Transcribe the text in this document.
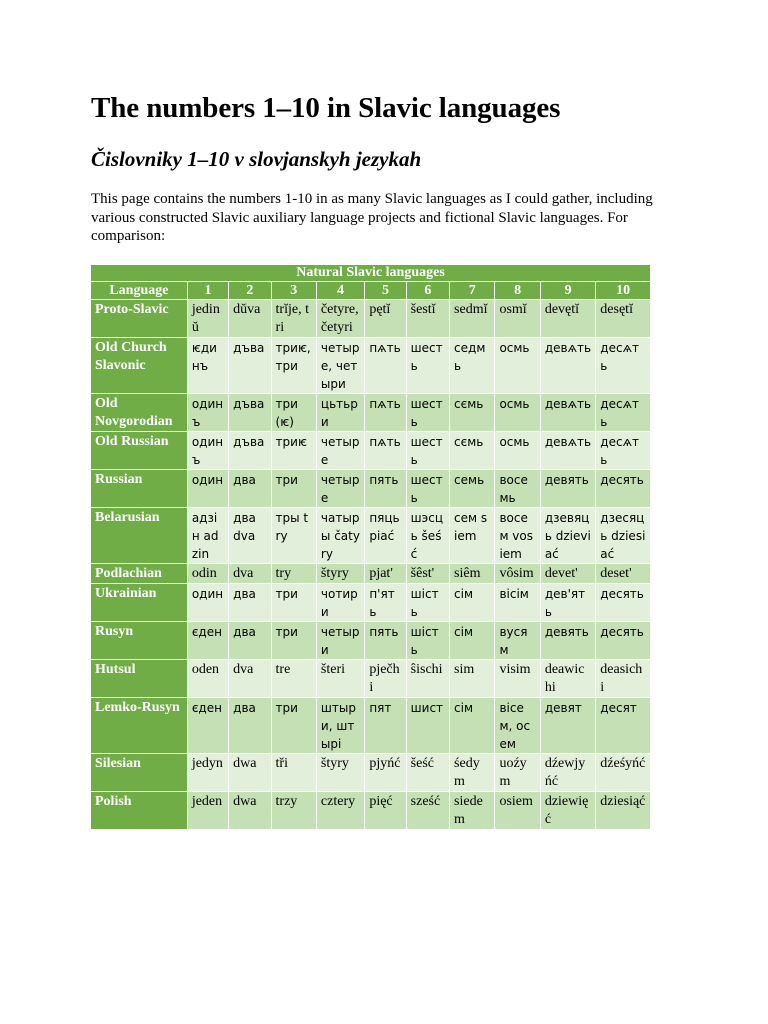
The numbers 1–10 in Slavic languages
Čislovniky 1–10 v slovjanskyh jezykah

This page contains the numbers 1-10 in as many Slavic languages as I could gather, including various constructed Slavic auxiliary language projects and fictional Slavic languages. For comparison:

Natural Slavic languages										
Language	1	2	3	4	5	6	7	8	9	10
Proto-Slavic	jedinŭ	dŭva	trĭje, tri	četyre, četyri	pętĭ	šestĭ	sedmĭ	osmĭ	devętĭ	desętĭ
Old Church Slavonic	ѥдинъ	дъва	триѥ, три	четыре, четыри	пѧть	шесть	седмь	осмь	девѧть	десѧть
Old Novgorodian	одинъ	дъва	три(ѥ)	цьтьри	пѧть	шесть	сємь	осмь	девѧть	десѧть
Old Russian	одинъ	дъва	триѥ	четыре	пѧть	шесть	сємь	осмь	девѧть	десѧть
Russian	один	два	три	четыре	пять	шесть	семь	восемь	девять	десять
Belarusian	адзін adzin	два dva	тры try	чатыры čatyry	пяць piać	шэсць šeść	сем siem	восем vosiem	дзевяць dzievіać	дзесяць dziesiać
Podlachian	odin	dva	try	štyry	pjat'	šêst'	siêm	vôsim	devet'	deset'
Ukrainian	один	два	три	чотири	п'ять	шість	сім	вісім	дев'ять	десять
Rusyn	єден	два	три	четыри	пять	шість	сім	вусям	девять	десять
Hutsul	oden	dva	tre	šteri	pječhi	ŝischi	sim	visim	deawichi	deasichi
Lemko-Rusyn	єден	два	три	штыри, штыpi	пят	шист	сім	вісем, осем	девят	десят
Silesian	jedyn	dwa	tři	štyry	pjyńć	šeść	śedym	uoźym	dźewjyńć	dźeśyńć
Polish	jeden	dwa	trzy	cztery	pięć	sześć	siedem	osiem	dziewięć	dziesiąć
